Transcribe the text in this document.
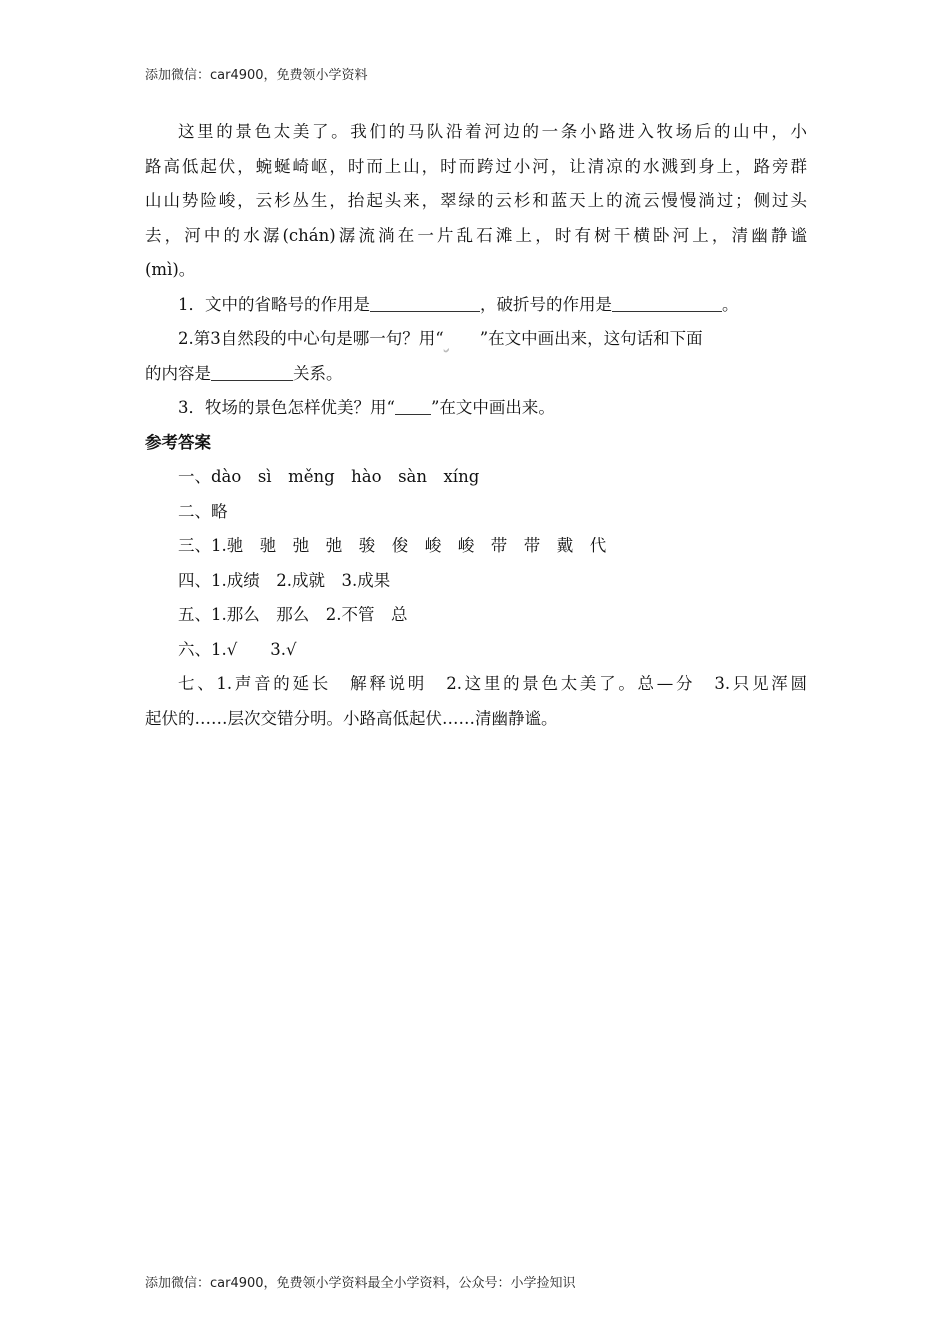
添加微信：car4900，免费领小学资料
这里的景色太美了。我们的马队沿着河边的一条小路进入牧场后的山中，小
路高低起伏，蜿蜒崎岖，时而上山，时而跨过小河，让清凉的水溅到身上，路旁群
山山势险峻，云杉丛生，抬起头来，翠绿的云杉和蓝天上的流云慢慢淌过；侧过头
去，河中的水潺(chán)潺流淌在一片乱石滩上，时有树干横卧河上，清幽静谧
(mì)。
1．文中的省略号的作用是	，破折号的作用是	。
2.第3自然段的中心句是哪一句？用“ ”在文中画出来，这句话和下面
的内容是	关系。
3．牧场的景色怎样优美？用“ ”在文中画出来。
参考答案
一、dào　sì　měng　hào　sàn　xíng
二、略
三、1.驰　驰　弛　弛　骏　俊　峻　峻　带　带　戴　代
四、1.成绩　2.成就　3.成果
五、1.那么　那么　2.不管　总
六、1.√　　3.√
七、1.声音的延长　解释说明　2.这里的景色太美了。总—分　3.只见浑圆
起伏的……层次交错分明。小路高低起伏……清幽静谧。
添加微信：car4900，免费领小学资料最全小学资料，公众号：小学捡知识
